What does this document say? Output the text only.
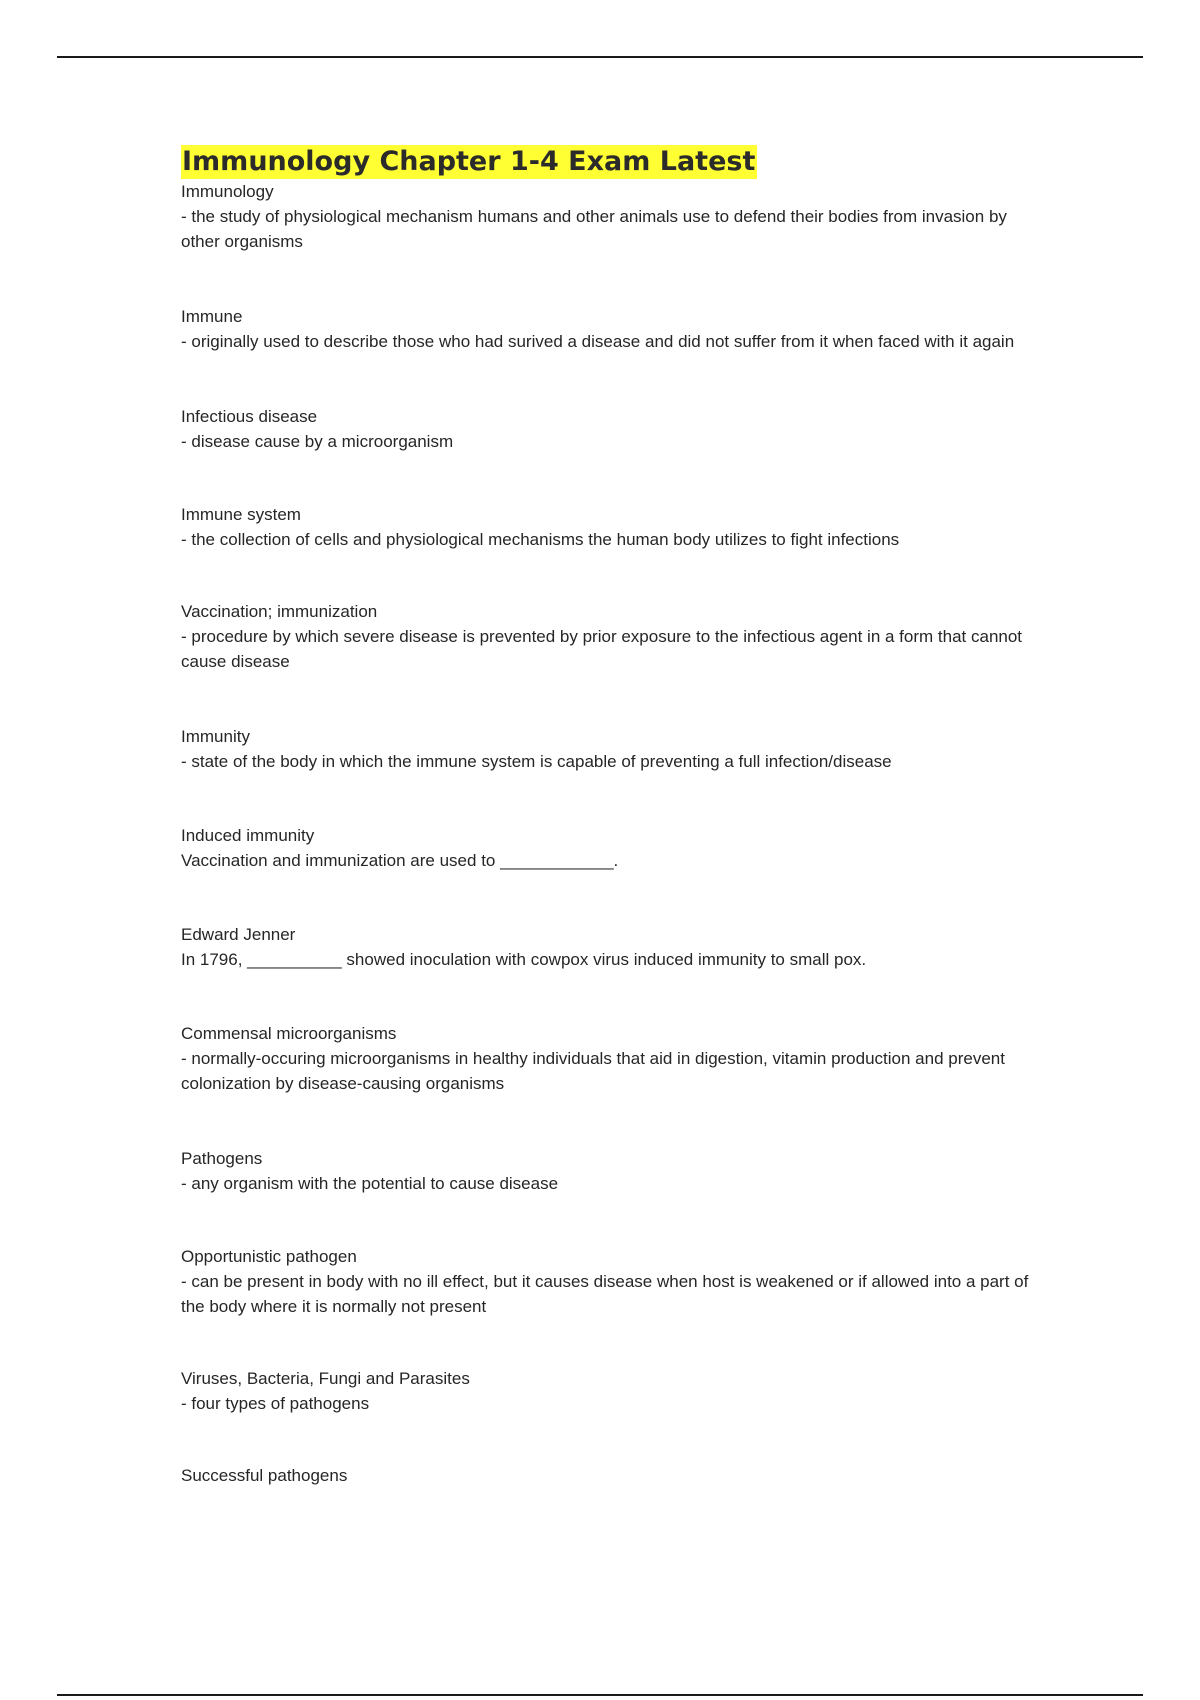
Immunology Chapter 1-4 Exam Latest

Immunology

- the study of physiological mechanism humans and other animals use to defend their bodies from invasion by other organisms

Immune

- originally used to describe those who had surived a disease and did not suffer from it when faced with it again

Infectious disease

- disease cause by a microorganism

Immune system

- the collection of cells and physiological mechanisms the human body utilizes to fight infections

Vaccination; immunization

- procedure by which severe disease is prevented by prior exposure to the infectious agent in a form that cannot cause disease

Immunity

- state of the body in which the immune system is capable of preventing a full infection/disease

Induced immunity

Vaccination and immunization are used to ____________.

Edward Jenner

In 1796, __________ showed inoculation with cowpox virus induced immunity to small pox.

Commensal microorganisms

- normally-occuring microorganisms in healthy individuals that aid in digestion, vitamin production and prevent colonization by disease-causing organisms

Pathogens

- any organism with the potential to cause disease

Opportunistic pathogen

- can be present in body with no ill effect, but it causes disease when host is weakened or if allowed into a part of the body where it is normally not present

Viruses, Bacteria, Fungi and Parasites

- four types of pathogens

Successful pathogens
